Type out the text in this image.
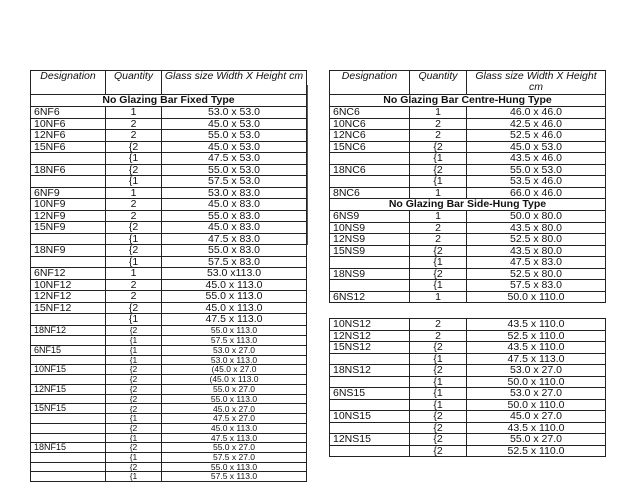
Designation	Quantity	Glass size Width X Height cm
No Glazing Bar Fixed Type		
6NF6	1	53.0 x 53.0
10NF6	2	45.0 x 53.0
12NF6	2	55.0 x 53.0
15NF6	{2	45.0 x 53.0
	{1	47.5 x 53.0
18NF6	{2	55.0 x 53.0
	{1	57.5 x 53.0
6NF9	1	53.0 x 83.0
10NF9	2	45.0 x 83.0
12NF9	2	55.0 x 83.0
15NF9	{2	45.0 x 83.0
	{1	47.5 x 83.0
18NF9	{2	55.0 x 83.0
	{1	57.5 x 83.0
6NF12	1	53.0 x113.0
10NF12	2	45.0 x 113.0
12NF12	2	55.0 x 113.0
15NF12	{2	45.0 x 113.0
	{1	47.5 x 113.0
18NF12	{2	55.0 x 113.0
	{1	57.5 x 113.0
6NF15	{1	53.0 x 27.0
	{1	53.0 x 113.0
10NF15	{2	(45.0 x 27.0
	{2	(45.0 x 113.0
12NF15	{2	55.0 x 27.0
	{2	55.0 x 113.0
15NF15	{2	45.0 x 27.0
	{1	47.5 x 27.0
	{2	45.0 x 113.0
	{1	47.5 x 113.0
18NF15	{2	55.0 x 27.0
	{1	57.5 x 27.0
	{2	55.0 x 113.0
	{1	57.5 x 113.0
Designation	Quantity	Glass size Width X Height cm
No Glazing Bar Centre-Hung Type		
6NC6	1	46.0 x 46.0
10NC6	2	42.5 x 46.0
12NC6	2	52.5 x 46.0
15NC6	{2	45.0 x 53.0
	{1	43.5 x 46.0
18NC6	{2	55.0 x 53.0
	{1	53.5 x 46.0
8NC6	1	66.0 x 46.0
No Glazing Bar Side-Hung Type		
6NS9	1	50.0 x 80.0
10NS9	2	43.5 x 80.0
12NS9	2	52.5 x 80.0
15NS9	{2	43.5 x 80.0
	{1	47.5 x 83.0
18NS9	{2	52.5 x 80.0
	{1	57.5 x 83.0
6NS12	1	50.0 x 110.0
10NS12	2	43.5 x 110.0
12NS12	2	52.5 x 110.0
15NS12	{2	43.5 x 110.0
	{1	47.5 x 113.0
18NS12	{2	53.0 x 27.0
	{1	50.0 x 110.0
6NS15	{1	53.0 x 27.0
	{1	50.0 x 110.0
10NS15	{2	45.0 x 27.0
	{2	43.5 x 110.0
12NS15	{2	55.0 x 27.0
	{2	52.5 x 110.0
